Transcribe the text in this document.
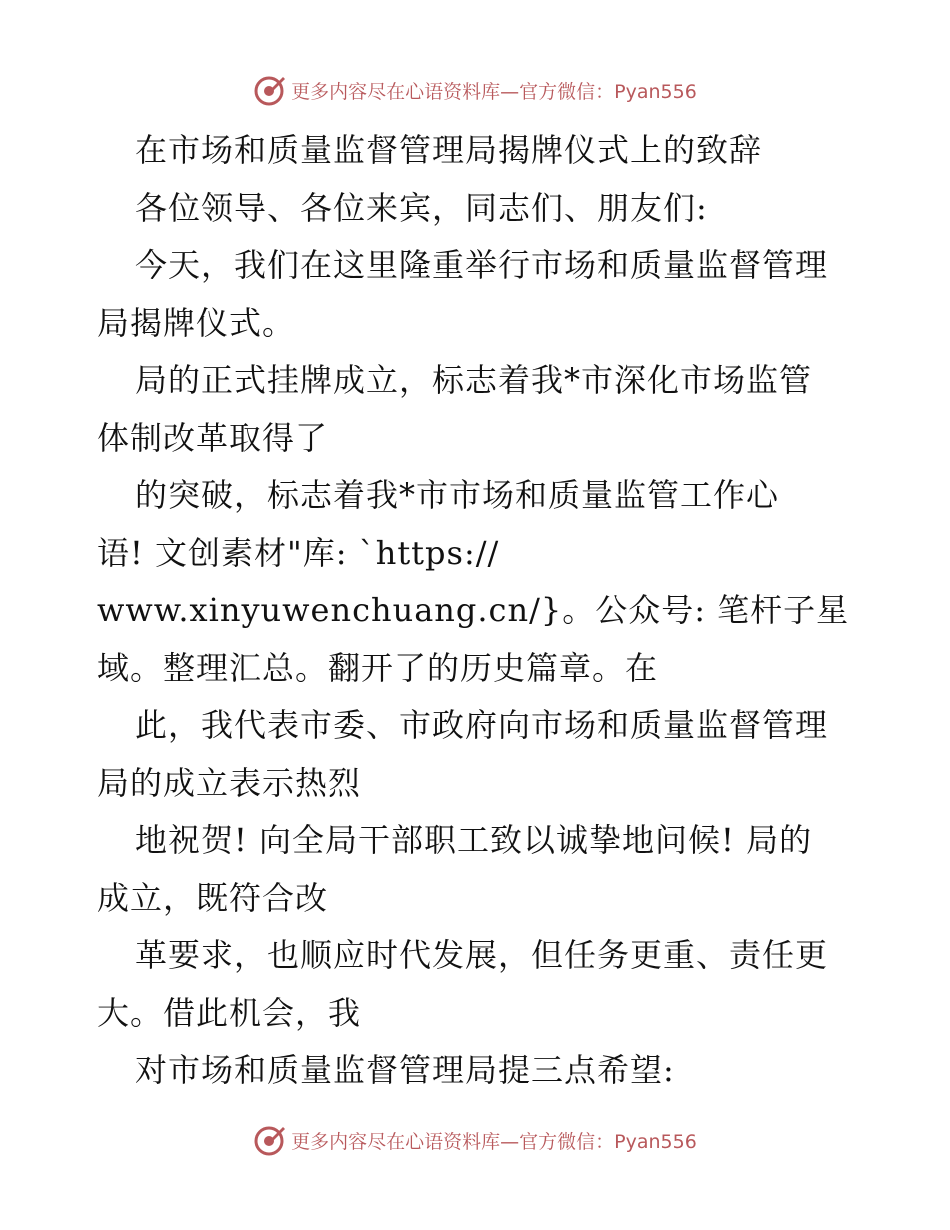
更多内容尽在心语资料库—官方微信：Pyan556
在市场和质量监督管理局揭牌仪式上的致辞
各位领导、各位来宾，同志们、朋友们:
今天，我们在这里隆重举行市场和质量监督管理
局揭牌仪式。
局的正式挂牌成立，标志着我*市深化市场监管
体制改革取得了
的突破，标志着我*市市场和质量监管工作心
语! 文创素材"库: `https://
www.xinyuwenchuang.cn/}。公众号: 笔杆子星
域。整理汇总。翻开了的历史篇章。在
此，我代表市委、市政府向市场和质量监督管理
局的成立表示热烈
地祝贺! 向全局干部职工致以诚挚地问候! 局的
成立，既符合改
革要求，也顺应时代发展，但任务更重、责任更
大。借此机会，我
对市场和质量监督管理局提三点希望:
更多内容尽在心语资料库—官方微信：Pyan556
